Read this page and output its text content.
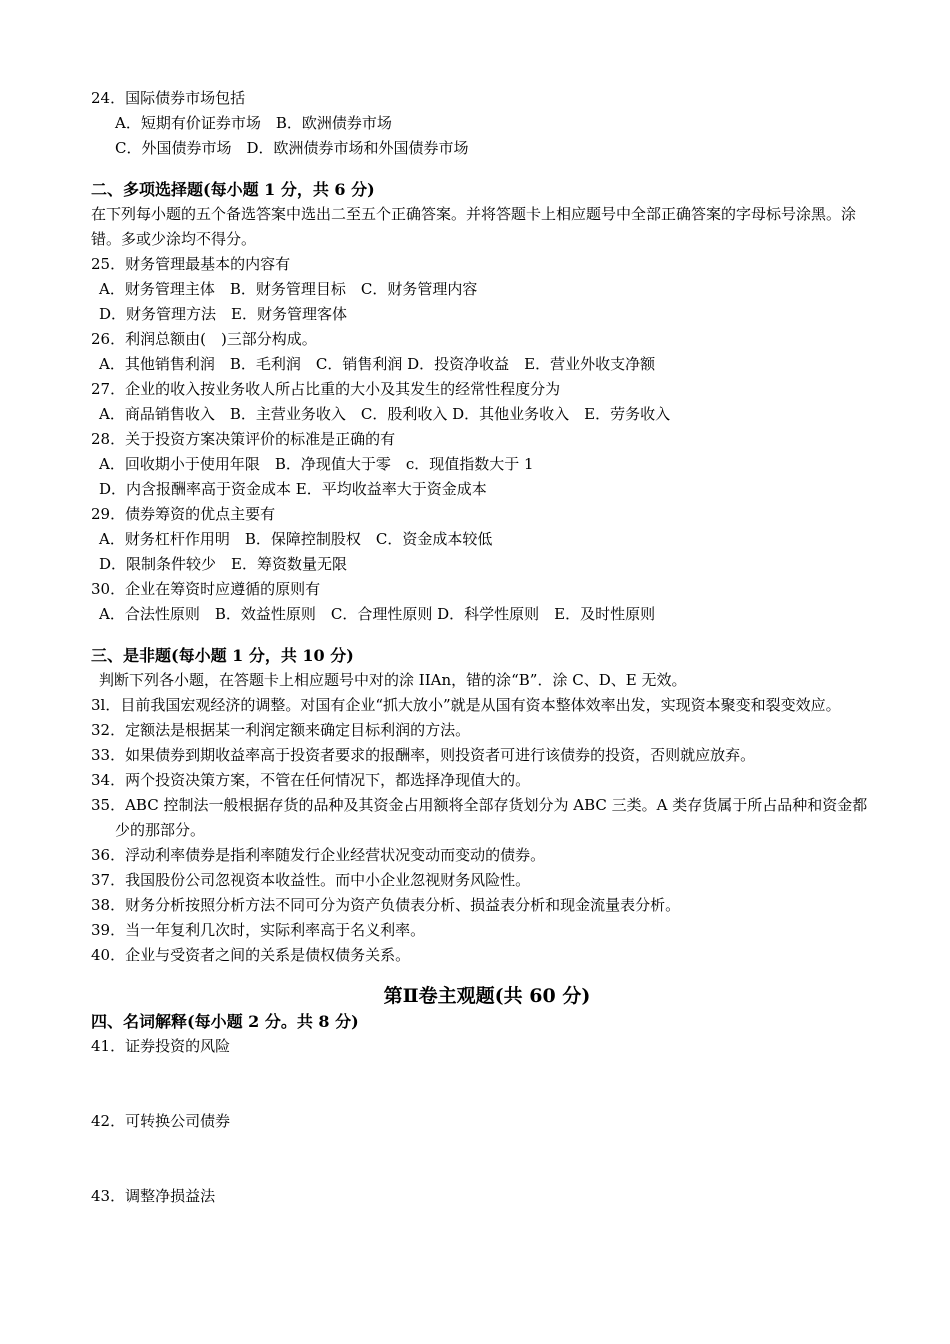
24．国际债券市场包括
A．短期有价证券市场　B．欧洲债券市场
C．外国债券市场　D．欧洲债券市场和外国债券市场
二、多项选择题(每小题 1 分，共 6 分)
在下列每小题的五个备选答案中选出二至五个正确答案。并将答题卡上相应题号中全部正确答案的字母标号涂黑。涂错。多或少涂均不得分。
25．财务管理最基本的内容有
A．财务管理主体　B．财务管理目标　C．财务管理内容
D．财务管理方法　E．财务管理客体
26．利润总额由(　)三部分构成。
A．其他销售利润　B．毛利润　C．销售利润 D．投资净收益　E．营业外收支净额
27．企业的收入按业务收人所占比重的大小及其发生的经常性程度分为
A．商品销售收入　B．主营业务收入　C．股利收入 D．其他业务收入　E．劳务收入
28．关于投资方案决策评价的标准是正确的有
A．回收期小于使用年限　B．净现值大于零　c．现值指数大于 1
D．内含报酬率高于资金成本 E．平均收益率大于资金成本
29．债券筹资的优点主要有
A．财务杠杆作用明　B．保障控制股权　C．资金成本较低
D．限制条件较少　E．筹资数量无限
30．企业在筹资时应遵循的原则有
A．合法性原则　B．效益性原则　C．合理性原则 D．科学性原则　E．及时性原则
三、是非题(每小题 1 分，共 10 分)
判断下列各小题，在答题卡上相应题号中对的涂 IIAn，错的涂“B”．涂 C、D、E 无效。
3l．目前我国宏观经济的调整。对国有企业“抓大放小”就是从国有资本整体效率出发，实现资本聚变和裂变效应。
32．定额法是根据某一利润定额来确定目标利润的方法。
33．如果债券到期收益率高于投资者要求的报酬率，则投资者可进行该债券的投资，否则就应放弃。
34．两个投资决策方案，不管在任何情况下，都选择净现值大的。
35．ABC 控制法一般根据存货的品种及其资金占用额将全部存货划分为 ABC 三类。A 类存货属于所占品种和资金都少的那部分。
36．浮动利率债券是指利率随发行企业经营状况变动而变动的债券。
37．我国股份公司忽视资本收益性。而中小企业忽视财务风险性。
38．财务分析按照分析方法不同可分为资产负债表分析、损益表分析和现金流量表分析。
39．当一年复利几次时，实际利率高于名义利率。
40．企业与受资者之间的关系是债权债务关系。
第Ⅱ卷主观题(共 60 分)
四、名词解释(每小题 2 分。共 8 分)
41．证券投资的风险
42．可转换公司债券
43．调整净损益法
